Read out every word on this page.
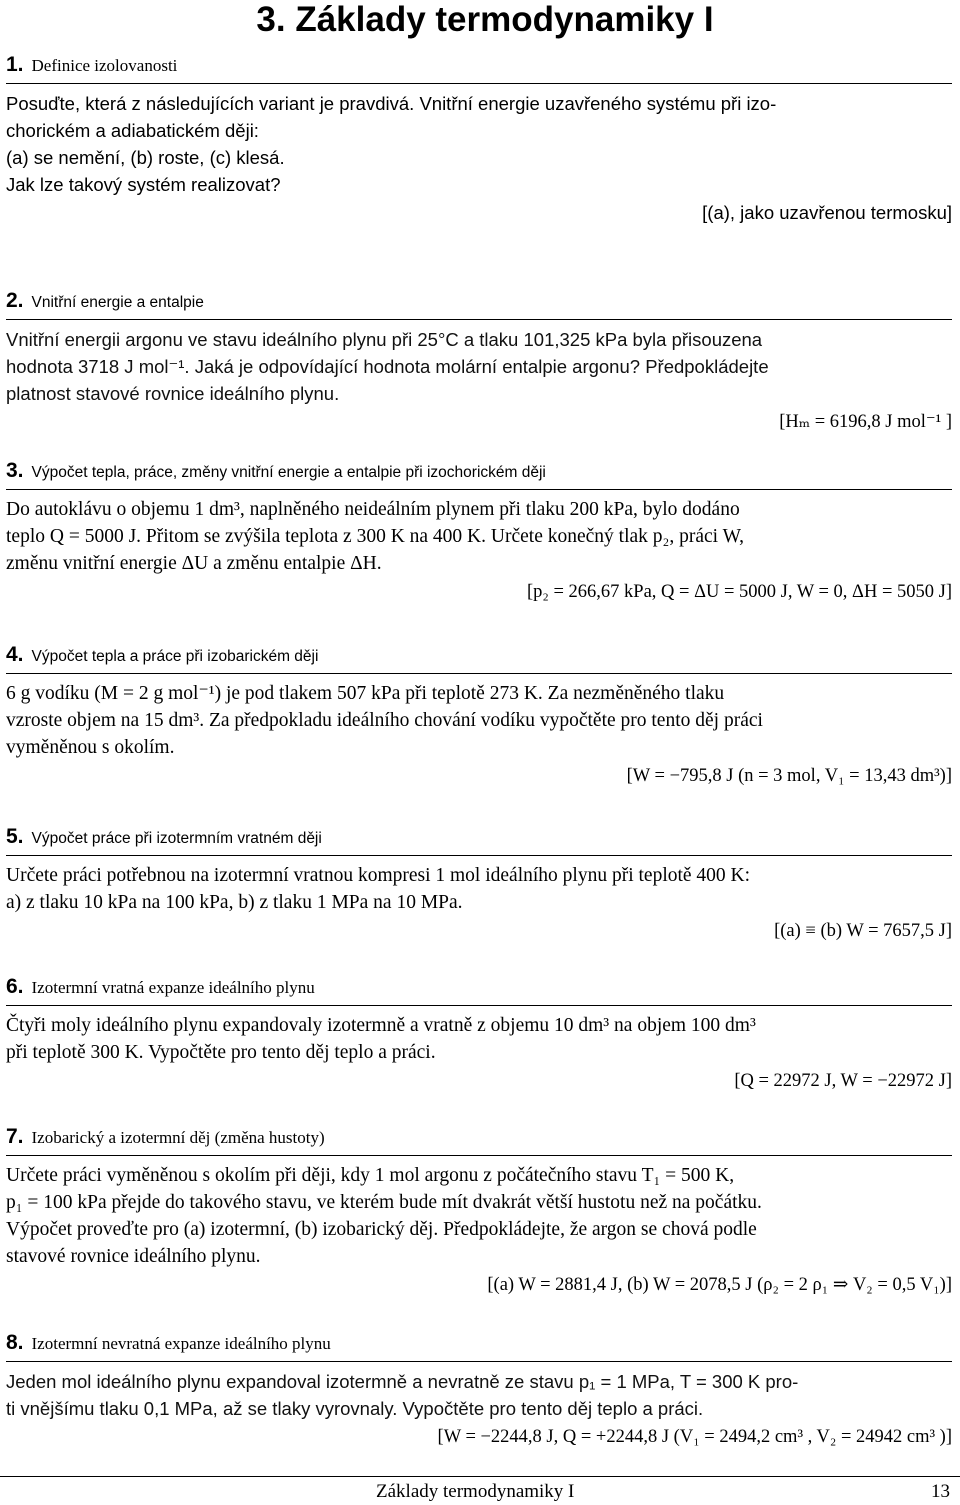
3. Základy termodynamiky I
1. Definice izolovanosti
Posuďte, která z následujících variant je pravdivá. Vnitřní energie uzavřeného systému při izo-
chorickém a adiabatickém ději:
(a) se nemění, (b) roste, (c) klesá.
Jak lze takový systém realizovat?
[(a), jako uzavřenou termosku]
2. Vnitřní energie a entalpie
Vnitřní energii argonu ve stavu ideálního plynu při 25°C a tlaku 101,325 kPa byla přisouzena
hodnota 3718 J mol⁻¹. Jaká je odpovídající hodnota molární entalpie argonu? Předpokládejte
platnost stavové rovnice ideálního plynu.
[Hₘ = 6196,8 J mol⁻¹ ]
3. Výpočet tepla, práce, změny vnitřní energie a entalpie při izochorickém ději
Do autoklávu o objemu 1 dm³, naplněného neideálním plynem při tlaku 200 kPa, bylo dodáno
teplo Q = 5000 J. Přitom se zvýšila teplota z 300 K na 400 K. Určete konečný tlak p₂, práci W,
změnu vnitřní energie ΔU a změnu entalpie ΔH.
[p₂ = 266,67 kPa, Q = ΔU = 5000 J, W = 0, ΔH = 5050 J]
4. Výpočet tepla a práce při izobarickém ději
6 g vodíku (M = 2 g mol⁻¹) je pod tlakem 507 kPa při teplotě 273 K. Za nezměněného tlaku
vzroste objem na 15 dm³. Za předpokladu ideálního chování vodíku vypočtěte pro tento děj práci
vyměněnou s okolím.
[W = −795,8 J (n = 3 mol, V₁ = 13,43 dm³)]
5. Výpočet práce při izotermním vratném ději
Určete práci potřebnou na izotermní vratnou kompresi 1 mol ideálního plynu při teplotě 400 K:
a) z tlaku 10 kPa na 100 kPa, b) z tlaku 1 MPa na 10 MPa.
[(a) ≡ (b) W = 7657,5 J]
6. Izotermní vratná expanze ideálního plynu
Čtyři moly ideálního plynu expandovaly izotermně a vratně z objemu 10 dm³ na objem 100 dm³
při teplotě 300 K. Vypočtěte pro tento děj teplo a práci.
[Q = 22972 J, W = −22972 J]
7. Izobarický a izotermní děj (změna hustoty)
Určete práci vyměněnou s okolím při ději, kdy 1 mol argonu z počátečního stavu T₁ = 500 K,
p₁ = 100 kPa přejde do takového stavu, ve kterém bude mít dvakrát větší hustotu než na počátku.
Výpočet proveďte pro (a) izotermní, (b) izobarický děj. Předpokládejte, že argon se chová podle
stavové rovnice ideálního plynu.
[(a) W = 2881,4 J, (b) W = 2078,5 J (ρ₂ = 2 ρ₁ ⇒ V₂ = 0,5 V₁)]
8. Izotermní nevratná expanze ideálního plynu
Jeden mol ideálního plynu expandoval izotermně a nevratně ze stavu p₁ = 1 MPa, T = 300 K pro-
ti vnějšímu tlaku 0,1 MPa, až se tlaky vyrovnaly. Vypočtěte pro tento děj teplo a práci.
[W = −2244,8 J, Q = +2244,8 J (V₁ = 2494,2 cm³ , V₂ = 24942 cm³ )]
Základy termodynamiky I	13
